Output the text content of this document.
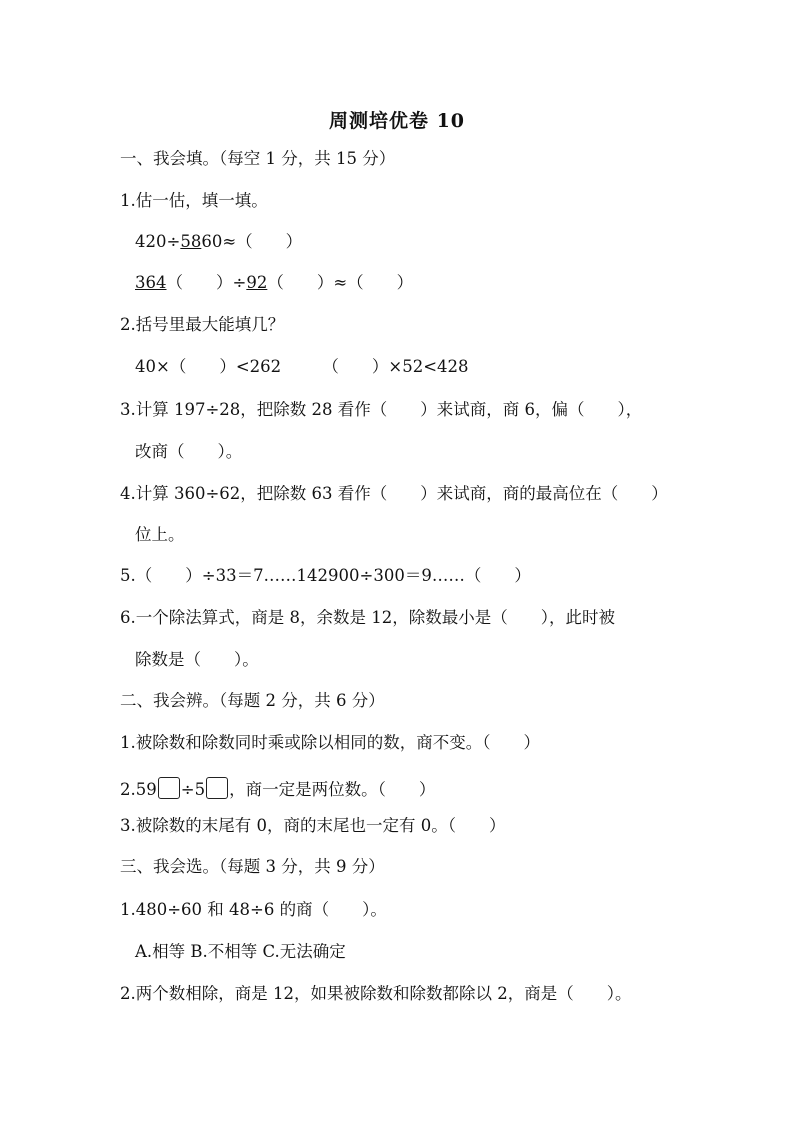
周测培优卷 10
一、我会填。（每空 1 分，共 15 分）
1.估一估，填一填。
420÷5860≈（　　）
364（　　）÷92（　　）≈（　　）
2.括号里最大能填几？
40×（　　）<262　　　（　　）×52<428
3.计算 197÷28，把除数 28 看作（　　）来试商，商 6，偏（　　），
改商（　　）。
4.计算 360÷62，把除数 63 看作（　　）来试商，商的最高位在（　　）
位上。
5.（　　）÷33＝7……142900÷300＝9……（　　）
6.一个除法算式，商是 8，余数是 12，除数最小是（　　），此时被
除数是（　　）。
二、我会辨。（每题 2 分，共 6 分）
1.被除数和除数同时乘或除以相同的数，商不变。（　　）
2.59 ÷5 ，商一定是两位数。（　　）
3.被除数的末尾有 0，商的末尾也一定有 0。（　　）
三、我会选。（每题 3 分，共 9 分）
1.480÷60 和 48÷6 的商（　　）。
A.相等 B.不相等 C.无法确定
2.两个数相除，商是 12，如果被除数和除数都除以 2，商是（　　）。
